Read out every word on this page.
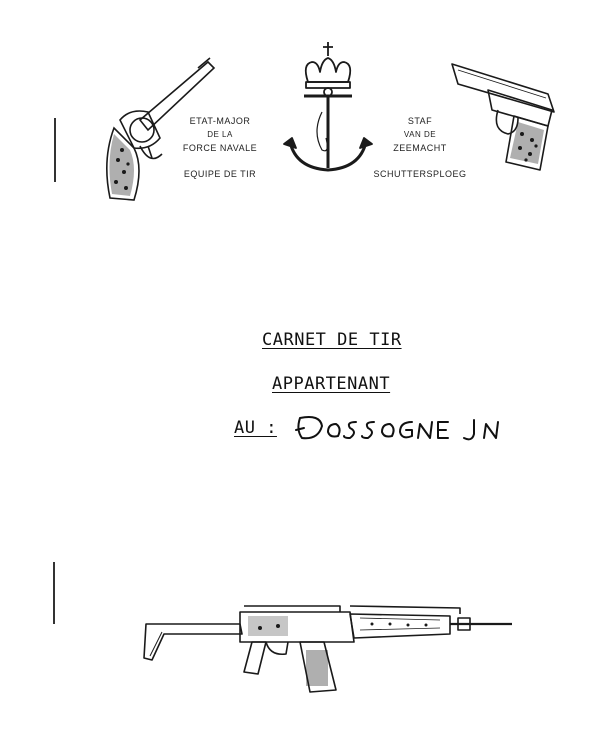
ETAT-MAJOR
DE LA
FORCE NAVALE
EQUIPE DE TIR
STAF
VAN DE
ZEEMACHT
SCHUTTERSPLOEG
CARNET DE TIR
APPARTENANT
AU :
